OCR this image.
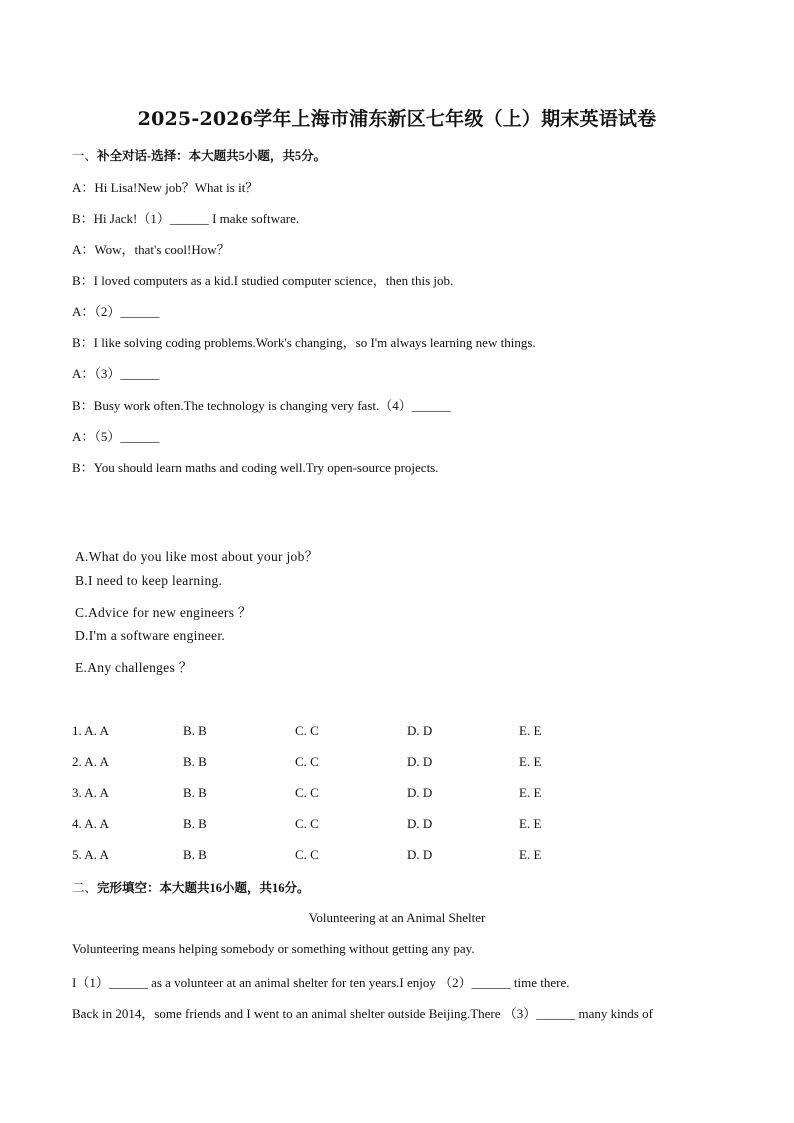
2025-2026学年上海市浦东新区七年级（上）期末英语试卷
一、补全对话-选择：本大题共5小题，共5分。
A：Hi Lisa!New job？What is it？
B：Hi Jack!（1）______ I make software.
A：Wow，that's cool!How？
B：I loved computers as a kid.I studied computer science，then this job.
A：（2）______
B：I like solving coding problems.Work's changing，so I'm always learning new things.
A：（3）______
B：Busy work often.The technology is changing very fast.（4）______
A：（5）______
B：You should learn maths and coding well.Try open-source projects.
A.What do you like most about your job？
B.I need to keep learning.
C.Advice for new engineers ？
D.I'm a software engineer.
E.Any challenges ？
1. A. A	B. B	C. C	D. D	E. E
2. A. A	B. B	C. C	D. D	E. E
3. A. A	B. B	C. C	D. D	E. E
4. A. A	B. B	C. C	D. D	E. E
5. A. A	B. B	C. C	D. D	E. E
二、完形填空：本大题共16小题，共16分。
Volunteering at an Animal Shelter
Volunteering means helping somebody or something without getting any pay.
I（1）______ as a volunteer at an animal shelter for ten years.I enjoy （2）______ time there.
Back in 2014，some friends and I went to an animal shelter outside Beijing.There （3）______ many kinds of
